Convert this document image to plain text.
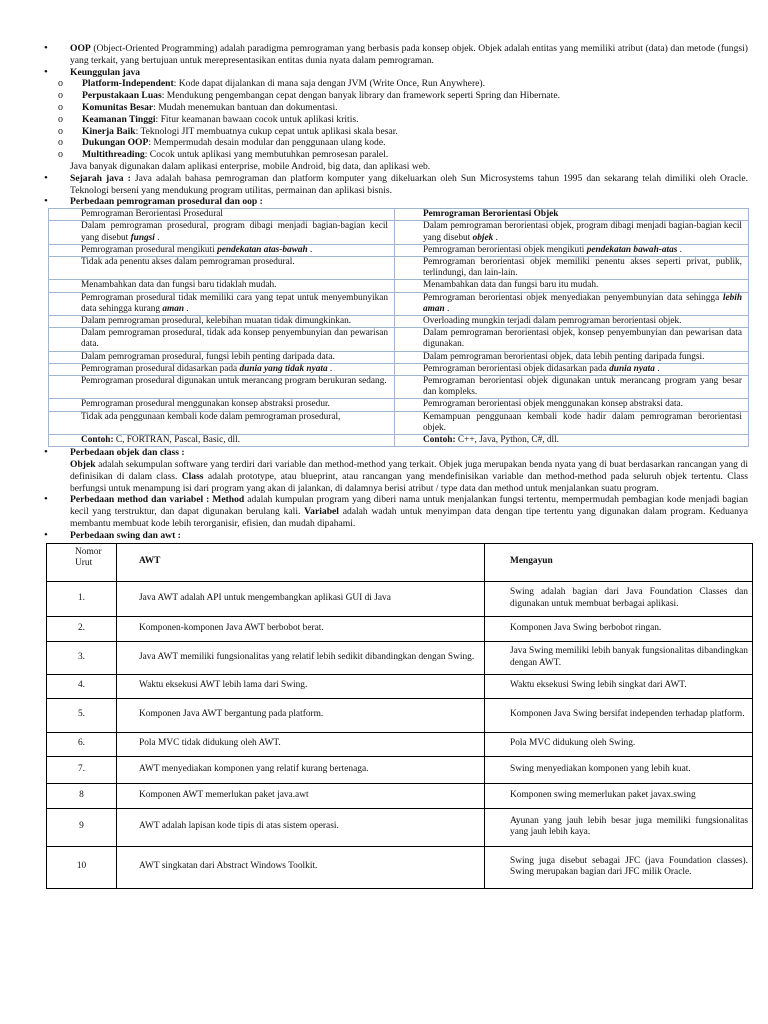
• OOP (Object-Oriented Programming) adalah paradigma pemrograman yang berbasis pada konsep objek. Objek adalah entitas yang memiliki atribut (data) dan metode (fungsi) yang terkait, yang bertujuan untuk merepresentasikan entitas dunia nyata dalam pemrograman.
• Keunggulan java
o Platform-Independent: Kode dapat dijalankan di mana saja dengan JVM (Write Once, Run Anywhere).
o Perpustakaan Luas: Mendukung pengembangan cepat dengan banyak library dan framework seperti Spring dan Hibernate.
o Komunitas Besar: Mudah menemukan bantuan dan dokumentasi.
o Keamanan Tinggi: Fitur keamanan bawaan cocok untuk aplikasi kritis.
o Kinerja Baik: Teknologi JIT membuatnya cukup cepat untuk aplikasi skala besar.
o Dukungan OOP: Mempermudah desain modular dan penggunaan ulang kode.
o Multithreading: Cocok untuk aplikasi yang membutuhkan pemrosesan paralel.
Java banyak digunakan dalam aplikasi enterprise, mobile Android, big data, dan aplikasi web.
• Sejarah java : Java adalah bahasa pemrograman dan platform komputer yang dikeluarkan oleh Sun Microsystems tahun 1995 dan sekarang telah dimiliki oleh Oracle. Teknologi berseni yang mendukung program utilitas, permainan dan aplikasi bisnis.
• Perbedaan pemrograman prosedural dan oop :
Pemrograman Berorientasi Prosedural	Pemrograman Berorientasi Objek
Dalam pemrograman prosedural, program dibagi menjadi bagian-bagian kecil yang disebut fungsi .	Dalam pemrograman berorientasi objek, program dibagi menjadi bagian-bagian kecil yang disebut objek .
Pemrograman prosedural mengikuti pendekatan atas-bawah .	Pemrograman berorientasi objek mengikuti pendekatan bawah-atas .
Tidak ada penentu akses dalam pemrograman prosedural.	Pemrograman berorientasi objek memiliki penentu akses seperti privat, publik, terlindungi, dan lain-lain.
Menambahkan data dan fungsi baru tidaklah mudah.	Menambahkan data dan fungsi baru itu mudah.
Pemrograman prosedural tidak memiliki cara yang tepat untuk menyembunyikan data sehingga kurang aman .	Pemrograman berorientasi objek menyediakan penyembunyian data sehingga lebih aman .
Dalam pemrograman prosedural, kelebihan muatan tidak dimungkinkan.	Overloading mungkin terjadi dalam pemrograman berorientasi objek.
Dalam pemrograman prosedural, tidak ada konsep penyembunyian dan pewarisan data.	Dalam pemrograman berorientasi objek, konsep penyembunyian dan pewarisan data digunakan.
Dalam pemrograman prosedural, fungsi lebih penting daripada data.	Dalam pemrograman berorientasi objek, data lebih penting daripada fungsi.
Pemrograman prosedural didasarkan pada dunia yang tidak nyata .	Pemrograman berorientasi objek didasarkan pada dunia nyata .
Pemrograman prosedural digunakan untuk merancang program berukuran sedang.	Pemrograman berorientasi objek digunakan untuk merancang program yang besar dan kompleks.
Pemrograman prosedural menggunakan konsep abstraksi prosedur.	Pemrograman berorientasi objek menggunakan konsep abstraksi data.
Tidak ada penggunaan kembali kode dalam pemrograman prosedural,	Kemampuan penggunaan kembali kode hadir dalam pemrograman berorientasi objek.
Contoh: C, FORTRAN, Pascal, Basic, dll.	Contoh: C++, Java, Python, C#, dll.
• Perbedaan objek dan class :
Objek adalah sekumpulan software yang terdiri dari variable dan method-method yang terkait. Objek juga merupakan benda nyata yang di buat berdasarkan rancangan yang di definisikan di dalam class. Class adalah prototype, atau blueprint, atau rancangan yang mendefinisikan variable dan method-method pada seluruh objek tertentu. Class berfungsi untuk menampung isi dari program yang akan di jalankan, di dalamnya berisi atribut / type data dan method untuk menjalankan suatu program.
• Perbedaan method dan variabel : Method adalah kumpulan program yang diberi nama untuk menjalankan fungsi tertentu, mempermudah pembagian kode menjadi bagian kecil yang terstruktur, dan dapat digunakan berulang kali. Variabel adalah wadah untuk menyimpan data dengan tipe tertentu yang digunakan dalam program. Keduanya membantu membuat kode lebih terorganisir, efisien, dan mudah dipahami.
• Perbedaan swing dan awt :
Nomor Urut	AWT	Mengayun
1.	Java AWT adalah API untuk mengembangkan aplikasi GUI di Java	Swing adalah bagian dari Java Foundation Classes dan digunakan untuk membuat berbagai aplikasi.
2.	Komponen-komponen Java AWT berbobot berat.	Komponen Java Swing berbobot ringan.
3.	Java AWT memiliki fungsionalitas yang relatif lebih sedikit dibandingkan dengan Swing.	Java Swing memiliki lebih banyak fungsionalitas dibandingkan dengan AWT.
4.	Waktu eksekusi AWT lebih lama dari Swing.	Waktu eksekusi Swing lebih singkat dari AWT.
5.	Komponen Java AWT bergantung pada platform.	Komponen Java Swing bersifat independen terhadap platform.
6.	Pola MVC tidak didukung oleh AWT.	Pola MVC didukung oleh Swing.
7.	AWT menyediakan komponen yang relatif kurang bertenaga.	Swing menyediakan komponen yang lebih kuat.
8	Komponen AWT memerlukan paket java.awt	Komponen swing memerlukan paket javax.swing
9	AWT adalah lapisan kode tipis di atas sistem operasi.	Ayunan yang jauh lebih besar juga memiliki fungsionalitas yang jauh lebih kaya.
10	AWT singkatan dari Abstract Windows Toolkit.	Swing juga disebut sebagai JFC (java Foundation classes). Swing merupakan bagian dari JFC milik Oracle.
